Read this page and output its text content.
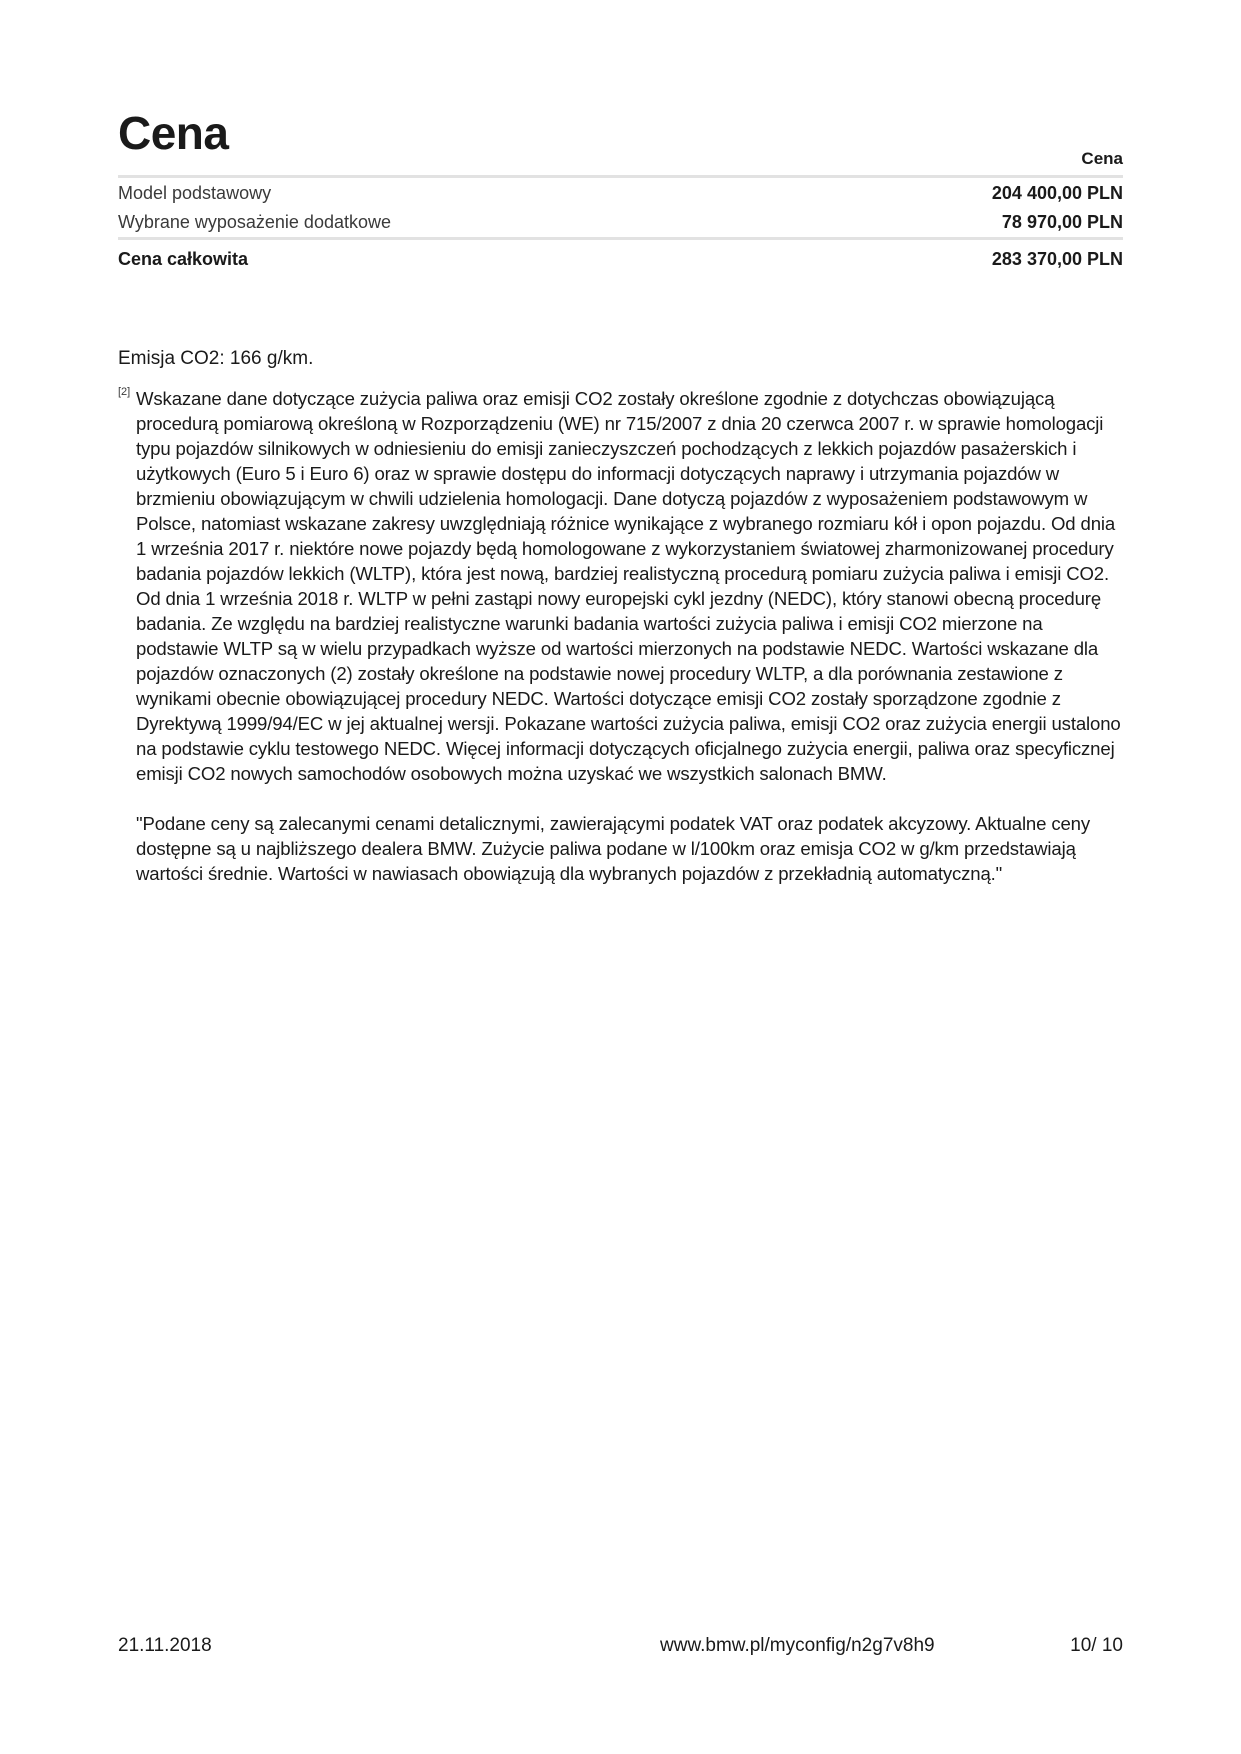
Cena	Cena
Model podstawowy	204 400,00 PLN
Wybrane wyposażenie dodatkowe	78 970,00 PLN
Cena całkowita	283 370,00 PLN
Emisja CO2: 166 g/km.
[2] Wskazane dane dotyczące zużycia paliwa oraz emisji CO2 zostały określone zgodnie z dotychczas obowiązującą procedurą pomiarową określoną w Rozporządzeniu (WE) nr 715/2007 z dnia 20 czerwca 2007 r. w sprawie homologacji typu pojazdów silnikowych w odniesieniu do emisji zanieczyszczeń pochodzących z lekkich pojazdów pasażerskich i użytkowych (Euro 5 i Euro 6) oraz w sprawie dostępu do informacji dotyczących naprawy i utrzymania pojazdów w brzmieniu obowiązującym w chwili udzielenia homologacji. Dane dotyczą pojazdów z wyposażeniem podstawowym w Polsce, natomiast wskazane zakresy uwzględniają różnice wynikające z wybranego rozmiaru kół i opon pojazdu. Od dnia 1 września 2017 r. niektóre nowe pojazdy będą homologowane z wykorzystaniem światowej zharmonizowanej procedury badania pojazdów lekkich (WLTP), która jest nową, bardziej realistyczną procedurą pomiaru zużycia paliwa i emisji CO2. Od dnia 1 września 2018 r. WLTP w pełni zastąpi nowy europejski cykl jezdny (NEDC), który stanowi obecną procedurę badania. Ze względu na bardziej realistyczne warunki badania wartości zużycia paliwa i emisji CO2 mierzone na podstawie WLTP są w wielu przypadkach wyższe od wartości mierzonych na podstawie NEDC. Wartości wskazane dla pojazdów oznaczonych (2) zostały określone na podstawie nowej procedury WLTP, a dla porównania zestawione z wynikami obecnie obowiązującej procedury NEDC. Wartości dotyczące emisji CO2 zostały sporządzone zgodnie z Dyrektywą 1999/94/EC w jej aktualnej wersji. Pokazane wartości zużycia paliwa, emisji CO2 oraz zużycia energii ustalono na podstawie cyklu testowego NEDC. Więcej informacji dotyczących oficjalnego zużycia energii, paliwa oraz specyficznej emisji CO2 nowych samochodów osobowych można uzyskać we wszystkich salonach BMW.

"Podane ceny są zalecanymi cenami detalicznymi, zawierającymi podatek VAT oraz podatek akcyzowy. Aktualne ceny dostępne są u najbliższego dealera BMW. Zużycie paliwa podane w l/100km oraz emisja CO2 w g/km przedstawiają wartości średnie. Wartości w nawiasach obowiązują dla wybranych pojazdów z przekładnią automatyczną."

21.11.2018	www.bmw.pl/myconfig/n2g7v8h9	10/ 10
